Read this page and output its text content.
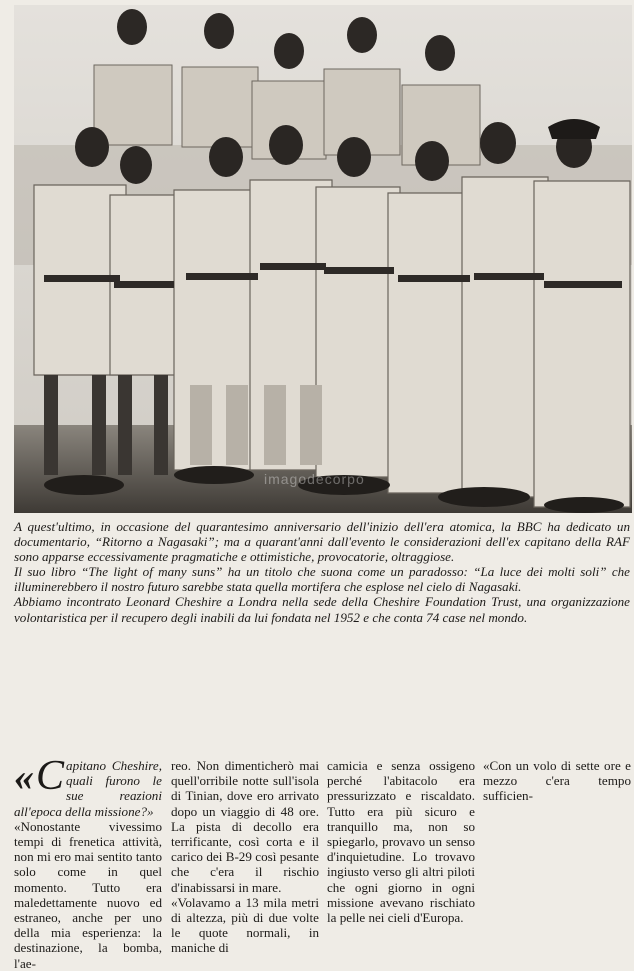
imagodecorpo

A quest'ultimo, in occasione del quarantesimo anniversario dell'inizio dell'era atomica, la BBC ha dedicato un documentario, “Ritorno a Nagasaki”; ma a quarant'anni dall'evento le considerazioni dell'ex capitano della RAF sono apparse eccessivamente pragmatiche e ottimistiche, provocatorie, oltraggiose.

Il suo libro “The light of many suns” ha un titolo che suona come un paradosso: “La luce dei molti soli” che illuminerebbero il nostro futuro sarebbe stata quella mortifera che esplose nel cielo di Nagasaki.

Abbiamo incontrato Leonard Cheshire a Londra nella sede della Cheshire Foundation Trust, una organizzazione volontaristica per il recupero degli inabili da lui fondata nel 1952 e che conta 74 case nel mondo.

« C apitano Cheshire, quali furono le sue reazioni all'epoca della missione?»

«Nonostante vivessimo tempi di frenetica attività, non mi ero mai sentito tanto solo come in quel momento. Tutto era maledettamente nuovo ed estraneo, anche per uno della mia esperienza: la destinazione, la bomba, l'ae-

reo. Non dimenticherò mai quell'orribile notte sull'isola di Tinian, dove ero arrivato dopo un viaggio di 48 ore. La pista di decollo era terrificante, così corta e il carico dei B-29 così pesante che c'era il rischio d'inabissarsi in mare.

«Volavamo a 13 mila metri di altezza, più di due volte le quote normali, in maniche di

camicia e senza ossigeno perché l'abitacolo era pressurizzato e riscaldato. Tutto era più sicuro e tranquillo ma, non so spiegarlo, provavo un senso d'inquietudine. Lo trovavo ingiusto verso gli altri piloti che ogni giorno in ogni missione avevano rischiato la pelle nei cieli d'Europa.

«Con un volo di sette ore e mezzo c'era tempo sufficien-
